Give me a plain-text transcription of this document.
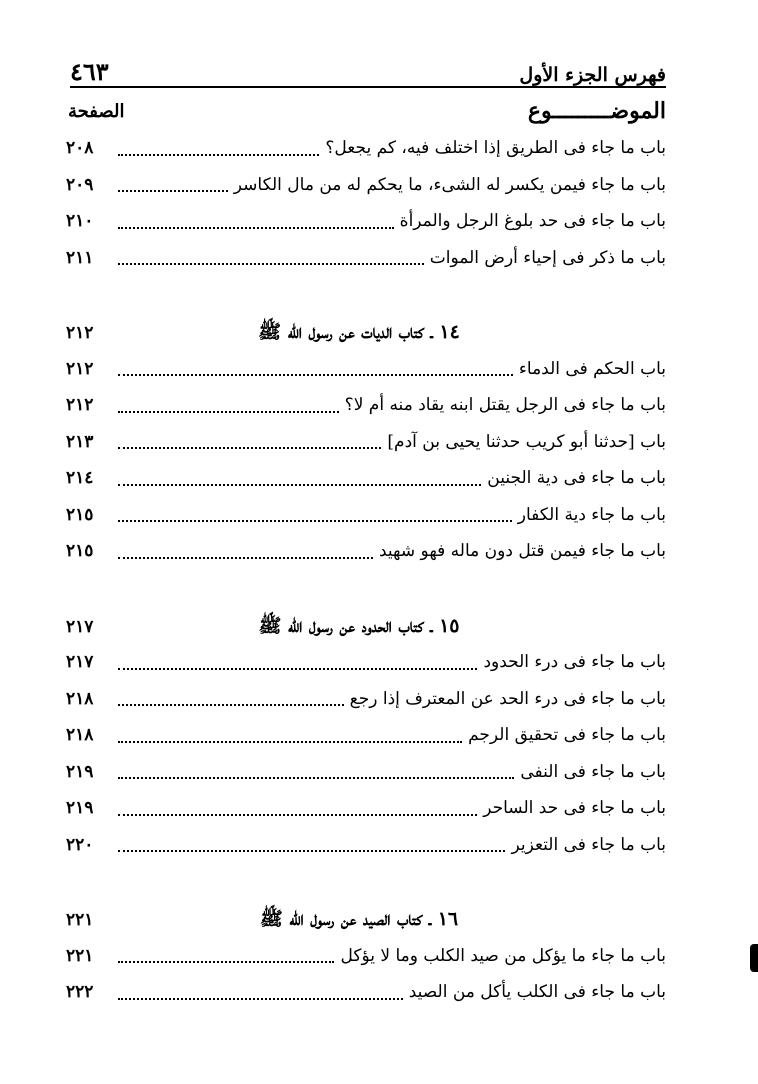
فهرس الجزء الأول
٤٦٣
الموضـــــــــوع
الصفحة
باب ما جاء فى الطريق إذا اختلف فيه، كم يجعل؟
٢٠٨
باب ما جاء فيمن يكسر له الشىء، ما يحكم له من مال الكاسر
٢٠٩
باب ما جاء فى حد بلوغ الرجل والمرأة
٢١٠
باب ما ذكر فى إحياء أرض الموات
٢١١
١٤ ـ كتاب الديات عن رسول الله ﷺ
٢١٢
باب الحكم فى الدماء
٢١٢
باب ما جاء فى الرجل يقتل ابنه يقاد منه أم لا؟
٢١٢
باب [حدثنا أبو كريب حدثنا يحيى بن آدم]
٢١٣
باب ما جاء فى دية الجنين
٢١٤
باب ما جاء دية الكفار
٢١٥
باب ما جاء فيمن قتل دون ماله فهو شهيد
٢١٥
١٥ ـ كتاب الحدود عن رسول الله ﷺ
٢١٧
باب ما جاء فى درء الحدود
٢١٧
باب ما جاء فى درء الحد عن المعترف إذا رجع
٢١٨
باب ما جاء فى تحقيق الرجم
٢١٨
باب ما جاء فى النفى
٢١٩
باب ما جاء فى حد الساحر
٢١٩
باب ما جاء فى التعزير
٢٢٠
١٦ ـ كتاب الصيد عن رسول الله ﷺ
٢٢١
باب ما جاء ما يؤكل من صيد الكلب وما لا يؤكل
٢٢١
باب ما جاء فى الكلب يأكل من الصيد
٢٢٢
